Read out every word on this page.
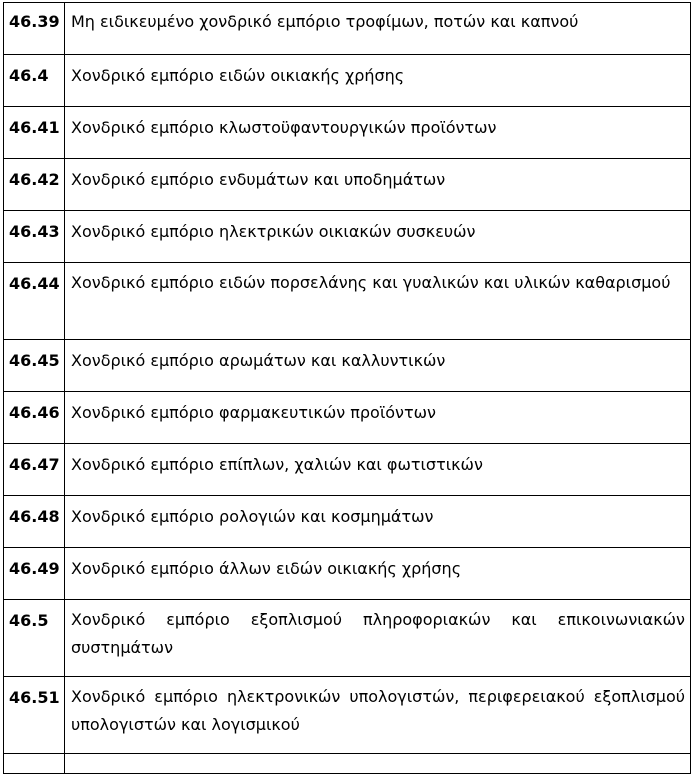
46.39	Μη ειδικευμένο χονδρικό εμπόριο τροφίμων, ποτών και καπνού
46.4	Χονδρικό εμπόριο ειδών οικιακής χρήσης
46.41	Χονδρικό εμπόριο κλωστοϋφαντουργικών προϊόντων
46.42	Χονδρικό εμπόριο ενδυμάτων και υποδημάτων
46.43	Χονδρικό εμπόριο ηλεκτρικών οικιακών συσκευών
46.44	Χονδρικό εμπόριο ειδών πορσελάνης και γυαλικών και υλικών καθαρισμού
46.45	Χονδρικό εμπόριο αρωμάτων και καλλυντικών
46.46	Χονδρικό εμπόριο φαρμακευτικών προϊόντων
46.47	Χονδρικό εμπόριο επίπλων, χαλιών και φωτιστικών
46.48	Χονδρικό εμπόριο ρολογιών και κοσμημάτων
46.49	Χονδρικό εμπόριο άλλων ειδών οικιακής χρήσης
46.5	Χονδρικό εμπόριο εξοπλισμού πληροφοριακών και επικοινωνιακών συστημάτων
46.51	Χονδρικό εμπόριο ηλεκτρονικών υπολογιστών, περιφερειακού εξοπλισμού υπολογιστών και λογισμικού
